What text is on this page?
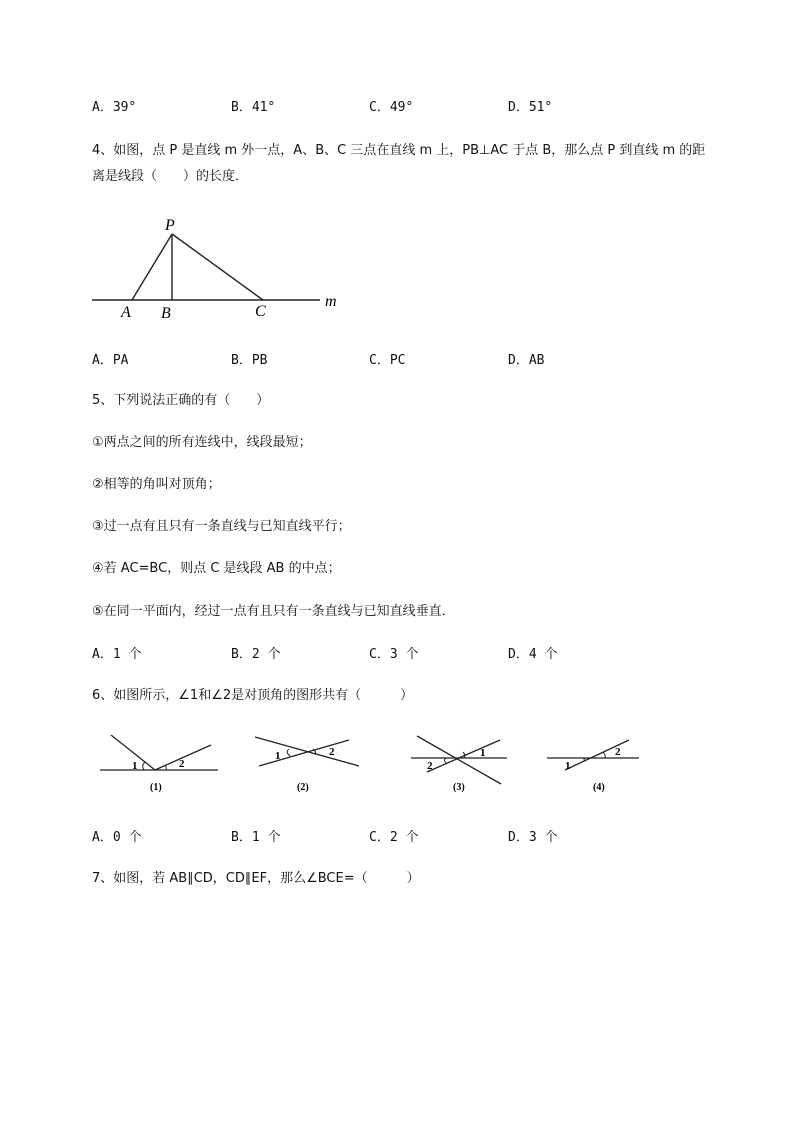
A．39°	B．41°	C．49°	D．51°
4、如图，点 P 是直线 m 外一点，A、B、C 三点在直线 m 上，PB⊥AC 于点 B，那么点 P 到直线 m 的距
离是线段（　　）的长度．
P
A B	C
m
A．PA	B．PB	C．PC	D．AB
5、下列说法正确的有（　　）
①两点之间的所有连线中，线段最短；
②相等的角叫对顶角；
③过一点有且只有一条直线与已知直线平行；
④若 AC=BC，则点 C 是线段 AB 的中点；
⑤在同一平面内，经过一点有且只有一条直线与已知直线垂直．
A．1 个	B．2 个	C．3 个	D．4 个
6、如图所示，∠1和∠2是对顶角的图形共有（　　　）
1	2
(1)
1	2
(2)
2
1
(3)
1
2
(4)
A．0 个	B．1 个	C．2 个	D．3 个
7、如图，若 AB∥CD，CD∥EF，那么∠BCE=（　　　）
